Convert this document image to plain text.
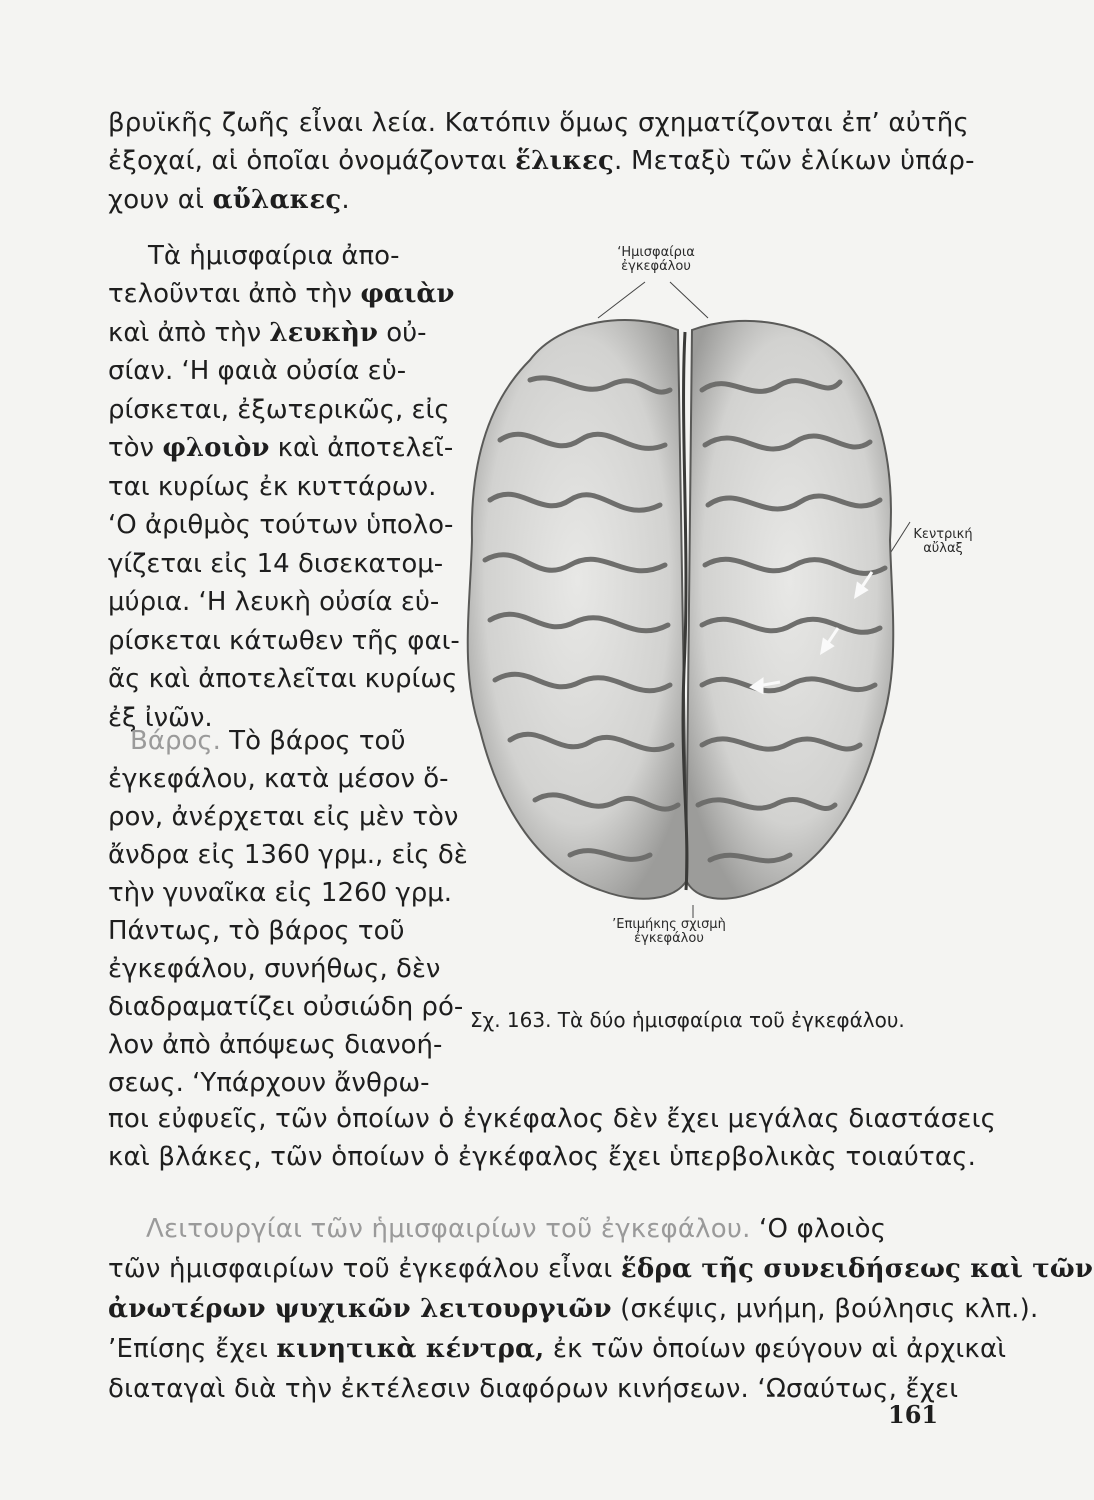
βρυϊκῆς ζωῆς εἶναι λεία. Κατόπιν ὅμως σχηματίζονται ἐπ’ αὐτῆς
ἐξοχαί, αἱ ὁποῖαι ὀνομάζονται ἕλικες. Μεταξὺ τῶν ἑλίκων ὑπάρ-
χουν αἱ αὔλακες.
Τὰ ἡμισφαίρια ἀπο-
τελοῦνται ἀπὸ τὴν φαιὰν
καὶ ἀπὸ τὴν λευκὴν οὐ-
σίαν. ‘Η φαιὰ οὐσία εὑ-
ρίσκεται, ἐξωτερικῶς, εἰς
τὸν φλοιὸν καὶ ἀποτελεῖ-
ται κυρίως ἐκ κυττάρων.
‘Ο ἀριθμὸς τούτων ὑπολο-
γίζεται εἰς 14 δισεκατομ-
μύρια. ‘Η λευκὴ οὐσία εὑ-
ρίσκεται κάτωθεν τῆς φαι-
ᾶς καὶ ἀποτελεῖται κυρίως
ἐξ ἰνῶν.
Βάρος. Τὸ βάρος τοῦ
ἐγκεφάλου, κατὰ μέσον ὅ-
ρον, ἀνέρχεται εἰς μὲν τὸν
ἄνδρα εἰς 1360 γρμ., εἰς δὲ
τὴν γυναῖκα εἰς 1260 γρμ.
Πάντως, τὸ βάρος τοῦ
ἐγκεφάλου, συνήθως, δὲν
διαδραματίζει οὐσιώδη ρό-
λον ἀπὸ ἀπόψεως διανοή-
σεως. ‘Υπάρχουν ἄνθρω-
ποι εὐφυεῖς, τῶν ὁποίων ὁ ἐγκέφαλος δὲν ἔχει μεγάλας διαστάσεις
καὶ βλάκες, τῶν ὁποίων ὁ ἐγκέφαλος ἔχει ὑπερβολικὰς τοιαύτας.
Λειτουργίαι τῶν ἡμισφαιρίων τοῦ ἐγκεφάλου. ‘Ο φλοιὸς
τῶν ἡμισφαιρίων τοῦ ἐγκεφάλου εἶναι ἕδρα τῆς συνειδήσεως καὶ τῶν
ἀνωτέρων ψυχικῶν λειτουργιῶν (σκέψις, μνήμη, βούλησις κλπ.).
’Επίσης ἔχει κινητικὰ κέντρα, ἐκ τῶν ὁποίων φεύγουν αἱ ἀρχικαὶ
διαταγαὶ διὰ τὴν ἐκτέλεσιν διαφόρων κινήσεων. ‘Ωσαύτως, ἔχει
‘Ημισφαίρια
ἐγκεφάλου
Κεντρική
αὔλαξ
’Επιμήκης σχισμὴ
ἐγκεφάλου
Σχ. 163. Τὰ δύο ἡμισφαίρια τοῦ ἐγκεφάλου.
161
